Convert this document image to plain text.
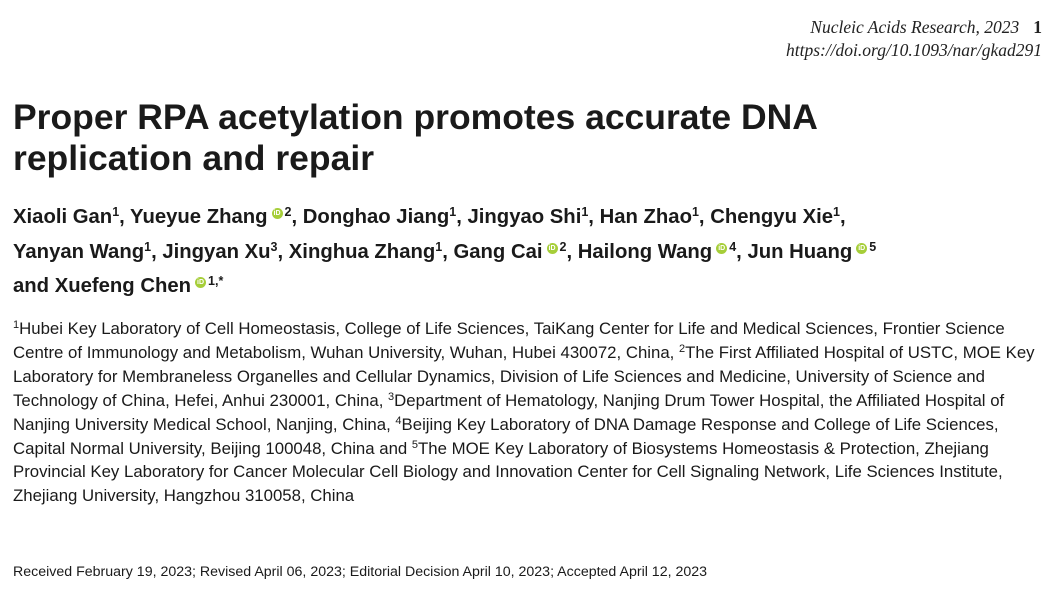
Nucleic Acids Research, 2023 1
https://doi.org/10.1093/nar/gkad291
Proper RPA acetylation promotes accurate DNA
replication and repair
Xiaoli Gan$^1$, Yueyue Zhang iD $^2$, Donghao Jiang$^1$, Jingyao Shi$^1$, Han Zhao$^1$, Chengyu Xie$^1$,
Yanyan Wang$^1$, Jingyan Xu$^3$, Xinghua Zhang$^1$, Gang Cai iD $^2$, Hailong Wang iD $^4$, Jun Huang iD $^5$
and Xuefeng Chen iD $^{1,*}$
$^1$Hubei Key Laboratory of Cell Homeostasis, College of Life Sciences, TaiKang Center for Life and Medical Sciences, Frontier Science Centre of Immunology and Metabolism, Wuhan University, Wuhan, Hubei 430072, China, $^2$The First Affiliated Hospital of USTC, MOE Key Laboratory for Membraneless Organelles and Cellular Dynamics, Division of Life Sciences and Medicine, University of Science and Technology of China, Hefei, Anhui 230001, China, $^3$Department of Hematology, Nanjing Drum Tower Hospital, the Affiliated Hospital of Nanjing University Medical School, Nanjing, China, $^4$Beijing Key Laboratory of DNA Damage Response and College of Life Sciences, Capital Normal University, Beijing 100048, China and $^5$The MOE Key Laboratory of Biosystems Homeostasis & Protection, Zhejiang Provincial Key Laboratory for Cancer Molecular Cell Biology and Innovation Center for Cell Signaling Network, Life Sciences Institute, Zhejiang University, Hangzhou 310058, China
Received February 19, 2023; Revised April 06, 2023; Editorial Decision April 10, 2023; Accepted April 12, 2023
